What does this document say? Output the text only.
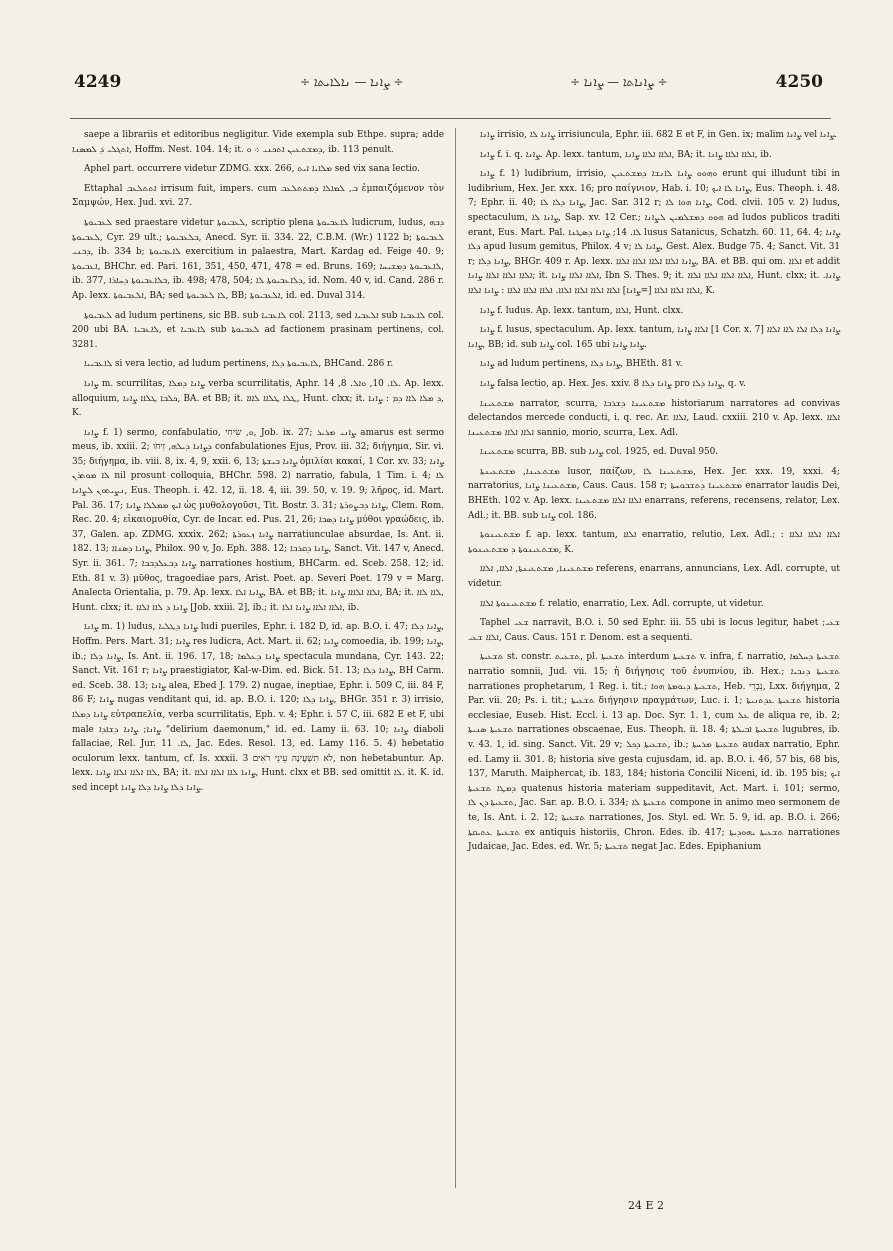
4249	÷ ܨܐܢܐ — ܢܐܠܐܝܬܐ ÷	÷ ܨܐܢܐܬܐ — ܨܐܢܐ ÷	4250

saepe a librariis et editoribus negligitur. Vide exempla sub Ethpe. supra; adde ܐܬܓܠܝ ܕ݁ ܠܡܣܢܐ, Hoffm. Nest. 104. 14; it. ܕܡܫܬܥܝܢ ܐܬܟܢܝ ܀ ܘ, ib. 113 penult.

Aphel part. occurrere videtur ZDMG. xxx. 266, ܡܠܐܝܐ ܐܝܬ sed vix sana lectio.

Ettaphal ܐܬܬܠܥܒ irrisum fuit, impers. cum ܒ, ܠܡܐܠܐ ܕܡܬܬܠܥܒ ἐμπαιζόμενον τὸν Σαμψών, Hex. Jud. xvi. 27.

ܠܥܒܝܘܬܐ sed praestare videtur ܠܥܒܝܘܬܐ, scriptio plena ܠܐܥܒܝܘܬܐ ludicrum, ludus, ܕܒܗ ܠܥܒܝܘܬܐ, Cyr. 29 ult.; ܒܠܥܒܝܘܬܐ, Anecd. Syr. ii. 334. 22, C.B.M. (Wr.) 1122 b; ܠܥܒܝܘܬܐ ܕܒܢܝ, ib. 334 b; ܠܐܥܒܝܘܬܐ exercitium in palaestra, Mart. Kardag ed. Feige 40. 9; ܐܥܒܝܘܬܐ, BHChr. ed. Pari. 161, 351, 450, 471, 478 = ed. Bruns. 169; ܠܐܥܒܝܘܬܐ ܕܡܫܝܚܐ, ib. 377, ܒܠܐܥܒܝܘܬܐ ܕܚܐܪܐ, ib. 498; 478, 504; ܕܠܐܥܒܝܘܬܐ ܠܐ, id. Nom. 40 v, id. Cand. 286 r. Ap. lexx. ܐܠܥܒܝܘܬܐ, BA; sed ܠܐ ܠܥܒܝܘܬܐ, BB; ܐܠܥܒܝܘܬܐ, id. ed. Duval 314.

ܠܥܒܝܘܬܐ ad ludum pertinens, sic BB. sub ܠܐܥܒܝܐ col. 2113, sed ܐܠܥܒܝܐ sub ܠܐܥܒܝܐ col. 200 ubi BA. ܠܐܥܒܝܐ, et ܠܐܥܒܝܐ sub ܠܥܒܝܘܬܐ ad factionem prasinam pertinens, col. 3281.

ܠܐܥܒܝܝܐ si vera lectio, ad ludum pertinens, ܠܐܥܒܝܘܬܐ ܕܠܐ, BHCand. 286 r.

ܨܐܢܐ m. scurrilitas, ܨܐܢܐ ܕܡܠܐ verba scurrilitatis, Aphr. ܠܐ. 10, ܘܐܠ. 8, 14. Ap. lexx. alloquium, ܟܠܒܐ ܛܠܐܐ ܨܐܢܐ, BA. et BB; it. ܛܠܐ ܛܠܐܐ ܠܐܐܐ, Hunt. clxx; it. ܕ ܡܠܐ ܠܐܐ ܕܡ : ܨܐܢܐ, K.

ܨܐܢܐ f. 1) sermo, confabulatio, ܘ, שִׂיחִי, Job. ix. 27; ܨܐܢܝ ܡܪܝܪ amarus est sermo meus, ib. xxiii. 2; ܕܨܐܢܐ ܕܝܠܗ, זִיחֹו confabulationes Ejus, Prov. iii. 32; διήγημα, Sir. vi. 35; διήγημα, ib. viii. 8, ix. 4, 9, xxii. 6, 13; ܨܐܢܐ ܒܝܫܬܐ ὁμιλίαι κακαί, 1 Cor. xv. 33; ܨܐܢܐ ܠܐ ܡܘܬܪܢ nil prosunt colloquia, BHChr. 598. 2) narratio, fabula, 1 Tim. i. 4; ܠܐ ܢܨܝܬܘܢ ܠܨܐܢܐ, Eus. Theoph. i. 42. 12, ii. 18. 4, iii. 39. 50, v. 19. 9; λῆρος, id. Mart. Pal. 36. 17; ܐܝܟ ܡܡܠܠܐ ܨܐܢܐ ὡς μυθολογοῦσι, Tit. Bostr. 3. 31; ܨܐܢܐ ܕܒܨܘܪܬܐ, Clem. Rom. Rec. 20. 4; εἰκαιομυθία, Cyr. de Incar. ed. Pus. 21, 26; ܨܐܢܐ ܕܣܒܐ μύθοι γραώδεις, ib. 37, Galen. ap. ZDMG. xxxix. 262; ܨܐܢܐ ܙܥܘܪܬܐ narratiunculae absurdae, Is. Ant. ii. 182. 13; ܨܐܢܐ ܕܣܢܐܐ, Philox. 90 v, Jo. Eph. 388. 12; ܨܐܢܐ ܕܩܪܒܐ, Sanct. Vit. 147 v, Anecd. Syr. ii. 361. 7; ܨܐܢܐ ܕܒܥܠܕܒܒܐ narrationes hostium, BHCarm. ed. Sceb. 258. 12; id. Eth. 81 v. 3) μῦθος, tragoediae pars, Arist. Poet. ap. Severi Poet. 179 v = Marg. Analecta Orientalia, p. 79. Ap. lexx. ܨܐܢܐ ܐܠܐ, BA. et BB; it. ܐܠܐܐ ܐܠܐܐܐ ܨܐܢܐ, BA; it. ܠܐܐ ܠܐܐ, Hunt. clxx; it. ܨܐܢܐ ܕ ܠܐܐ ܐܠܐܐ [Job. xxiii. 2], ib.; it. ܐܠܐܐ ܐܠܐܐ ܨܐܢܐ ܐܠܐ, ib.

ܨܐܢܐ m. 1) ludus, ܨܐܢܐ ܕܛܠܝܐ ludi pueriles, Ephr. i. 182 D, id. ap. B.O. i. 47; ܨܐܢܐ ܕܠܐ, Hoffm. Pers. Mart. 31; ܨܐܢܐ res ludicra, Act. Mart. ii. 62; ܨܐܢܐ comoedia, ib. 199; ܨܐܢܐ, ib.; ܨܐܢܐ ܕܠܐ, Is. Ant. ii. 196. 17, 18; ܨܐܢܐ ܕܥܠܡܐ spectacula mundana, Cyr. 143. 22; Sanct. Vit. 161 r; ܨܐܢܐ praestigiator, Kal-w-Dim. ed. Bick. 51. 13; ܨܐܢܐ ܕܠܐ, BH Carm. ed. Sceb. 38. 13; ܨܐܢܐ alea, Ebed J. 179. 2) nugae, ineptiae, Ephr. i. 509 C, iii. 84 F, 86 F; ܨܐܢܐ nugas venditant qui, id. ap. B.O. i. 120; ܨܐܢܐ ܕܠܐ, BHGr. 351 r. 3) irrisio, ܨܐܢܐ ܕܡܠܐ εὐτραπελία, verba scurrilitatis, Eph. v. 4; Ephr. i. 57 C, iii. 682 E et F, ubi male ܨܐܢܐ; ܨܐܢܐ ܕܫܐܕܐ "delirium daemonum," id. ed. Lamy ii. 63. 10; ܨܐܢܐ diaboli fallaciae, Rel. Jur. ܠܐ. 11, Jac. Edes. Resol. 13, ed. Lamy 116. 5. 4) hebetatio oculorum lexx. tantum, cf. Is. xxxii. 3 לֹא תִשְׁעֶינָה עֵינֵי רֹאִים, non hebetabuntur. Ap. lexx. ܠܐܐ ܐܠܐܐ ܐܠܐܐ ܨܐܢܐ, BA; it. ܨܐܢܐ ܠܐܐ ܐܠܐܐ ܐܠܐܐ, Hunt. clxx et BB. sed omittit ܠܐ. it. K. id. sed incept ܨܐܢܐ ܕܠܐ ܨܐܢܐ ܕܠܐ ܨܐܢܐ.

ܨܐܢܐ irrisio, ܨܐܢܐ ܠܐ irrisiuncula, Ephr. iii. 682 E et F, in Gen. ix; malim ܨܐܢܐ vel ܨܐܢܐ.

ܨܐܢܐ f. i. q. ܨܐܢܐ. Ap. lexx. tantum, ܐܠܐܐ ܐܠܐܐ ܨܐܢܐ, BA; it. ܐܠܐܐ ܐܠܐܐ ܨܐܢܐ, ib.

ܨܐܢܐ f. 1) ludibrium, irrisio, ܘܗܘܘ ܨܐܢܐ ܠܐܢܫܐ ܕܡܫܬܥܝܢ erunt qui illudunt tibi in ludibrium, Hex. Jer. xxx. 16; pro παίγνιον, Hab. i. 10; ܨܐܢܐ ܠܐ ܐܝܟ, Eus. Theoph. i. 48. 7; Ephr. ii. 40; ܨܐܢܐ ܕܠܐ ܠܐ, Jac. Sar. 312 r; ܨܐܢܐ ܗܘܐ ܠܐ, Cod. clvii. 105 v. 2) ludus, spectaculum, ܨܐܢܐ ܠܐ, Sap. xv. 12 Cer.; ܗܘܘ ܕܡܫܠܡܝܢ ܠܨܐܢܐ ad ludos publicos traditi erant, Eus. Mart. Pal. ܠܐ. 14; ܨܐܢܐ ܕܣܛܢܐ lusus Satanicus, Schatzh. 60. 11, 64. 4; ܨܐܢܐ ܕܠܐ apud lusum gemitus, Philox. 4 v; ܨܐܢܐ ܠܐ, Gest. Alex. Budge 75. 4; Sanct. Vit. 31 r; ܨܐܢܐ ܕܠܐ, BHGr. 409 r. Ap. lexx. ܨܐܢܐ ܐܠܐܐ ܐܠܐܐ ܐܠܐܐ ܐܠܐܐ, BA. et BB. qui om. ܐܠܐܐ et addit ܐܠܐܐ ܐܠܐܐ ܐܠܐܐ ܨܐܢܐ; it. ܐܠܐܐ ܐܠܐܐ ܨܐܢܐ, Ibn S. Thes. 9; it. ܐܠܐܐ ܐܠܐܐ ܐܠܐܐ ܐܠܐܐ, Hunt. clxx; it. ܨܐܢܐ. ܐܠܐܐ ܐܠܐܐ ܐܠܐܐ [=ܨܐܢܐ] ܐܠܐܐ ܐܠܐܐ ܐܠܐܐ ܐܠܐܐ. ܐܠܐܐ ܐܠܐܐ ܐܠܐܐ : ܨܐܢܐ ܐܠܐܐ, K.

ܨܐܢܐ f. ludus. Ap. lexx. tantum, ܐܠܐܐ, Hunt. clxx.

ܨܐܢܐ f. lusus, spectaculum. Ap. lexx. tantum, ܐܠܐܐ ܨܐܢܐ [1 Cor. x. 7] ܨܐܢܐ ܕܠܐ ܐܠܐ ܠܐܐ ܐܠܐܐ ܨܐܢܐ, BB; id. sub ܨܐܢܐ col. 165 ubi ܨܐܢܐ ܨܐܢܐ.

ܨܐܢܐ ad ludum pertinens, ܨܐܢܐ ܕܠܐ, BHEth. 81 v.

ܨܐܢܐ falsa lectio, ap. Hex. Jes. xxiv. 8 ܨܐܢܐ ܕܠܐ pro ܨܐܢܐ ܕܠܐ, q. v.

ܡܫܬܥܝܢܐ narrator, scurra, ܡܫܬܥܝܢܐ ܕܫܪܒܐ historiarum narratores ad convivas delectandos mercede conducti, i. q. rec. Ar. ܐܠܐܐ, Laud. cxxiii. 210 v. Ap. lexx. ܐܠܐܐ ܐܠܐܐ ܐܠܐܐ ܡܫܬܥܝܢܐ sannio, morio, scurra, Lex. Adl.

ܡܫܬܥܝܢܐ scurra, BB. sub ܨܐܢܐ col. 1925, ed. Duval 950.

ܡܫܬܥܝܢܐ, ܡܫܬܥܝܢܬܐ lusor, παίζων, ܡܫܬܥܝܢܐ ܠܐ, Hex. Jer. xxx. 19, xxxi. 4; narratorius, ܡܫܬܥܝܢܐ ܨܐܢܐ, Caus. Caus. 158 r; ܡܫܬܥܝܢܐ ܕܬܫܒܘܚܬܐ enarrator laudis Dei, BHEth. 102 v. Ap. lexx. ܐܠܐܐ ܐܠܐܐ ܡܫܬܥܝܢܐ enarrans, referens, recensens, relator, Lex. Adl.; it. BB. sub ܨܐܢܐ col. 186.

ܡܫܬܥܝܢܘܬܐ f. ap. lexx. tantum, ܐܠܐܐ enarratio, relutio, Lex. Adl.; ܐܠܐܐ ܐܠܐܐ ܐܠܐܐ : ܡܫܬܥܝܢܘܬܐ ܕ ܡܫܬܥܝܢܘܬܐ, K.

ܡܫܬܥܝܢܐ, ܡܫܬܥܝܢܬܐ, ܐܠܐܐ, ܐܠܐܐ referens, enarrans, annuncians, Lex. Adl. corrupte, ut videtur.

ܡܫܬܥܝܢܘܬܐ ܐܠܐܐ f. relatio, enarratio, Lex. Adl. corrupte, ut videtur.

Taphel ܫܥܝ narravit, B.O. i. 50 sed Ephr. iii. 55 ubi is locus legitur, habet ܫܥܝ; ܐܠܐܐ ܫܥܝ, Caus. Caus. 151 r. Denom. est a sequenti.

ܬܫܥܝܬܐ st. constr. ܬܫܥܝܬ, pl. ܬܫܥܝܬܐ interdum ܬܫܥܝܬܐ v. infra, f. narratio, ܬܫܥܝܬܐ ܕܚܠܡܐ narratio somnii, Jud. vii. 15; ἡ διήγησις τοῦ ἐνυπνίου, ib. Hex.; ܬܫܥܝܬܐ ܕܢܒܝܐ narrationes prophetarum, 1 Reg. i. tit.; ܬܫܥܝܬܐ ܕܝܘܡܬܐ ܗܘܐ, Heb. נִבְרֵי, Lxx. διήγημα, 2 Par. vii. 20; Ps. i. tit.; ܬܫܥܝܬܐ διήγησιν πραγμάτων, Luc. i. 1; ܬܫܥܝܬܐ ܥܕܬܢܝܬܐ historia ecclesiae, Euseb. Hist. Eccl. i. 13 ap. Doc. Syr. 1. 1, cum ܥܠ de aliqua re, ib. 2; ܬܫܥܝܬܐ ܣܢܝܬܐ narrationes obscaenae, Eus. Theoph. ii. 18. 4; ܬܫܥܝܬܐ ܐܒܝܠܬܐ lugubres, ib. v. 43. 1, id. sing. Sanct. Vit. 29 v; ܬܫܥܝܬܐ ܕܟܠ, ib.; ܬܫܥܝܬܐ ܡܪܚܬܐ audax narratio, Ephr. ed. Lamy ii. 301. 8; historia sive gesta cujusdam, id. ap. B.O. i. 46, 57 bis, 68 bis, 137, Maruth. Maiphercat, ib. 183, 184; historia Concilii Niceni, id. ib. 195 bis; ܐܝܟ ܕܡܛܐ ܬܫܥܝܬܐ quatenus historia materiam suppeditavit, Act. Mart. i. 101; sermo, ܬܫܥܝܬܐ ܕܢ ܠܐ, Jac. Sar. ap. B.O. i. 334; ܬܫܥܝܬܐ ܠܐ compone in animo meo sermonem de te, Is. Ant. i. 2. 12; ܬܫܥܝܬܐ narrationes, Jos. Styl. ed. Wr. 5. 9, id. ap. B.O. i. 266; ܬܫܥܝܬܐ ܥܬܝܩܬܐ ex antiquis historiis, Chron. Edes. ib. 417; ܬܫܥܝܬܐ ܝܗܘܕܝܬܐ narrationes Judaicae, Jac. Edes. ed. Wr. 5; ܬܫܥܝܬܐ negat Jac. Edes. Epiphanium

24 E 2
